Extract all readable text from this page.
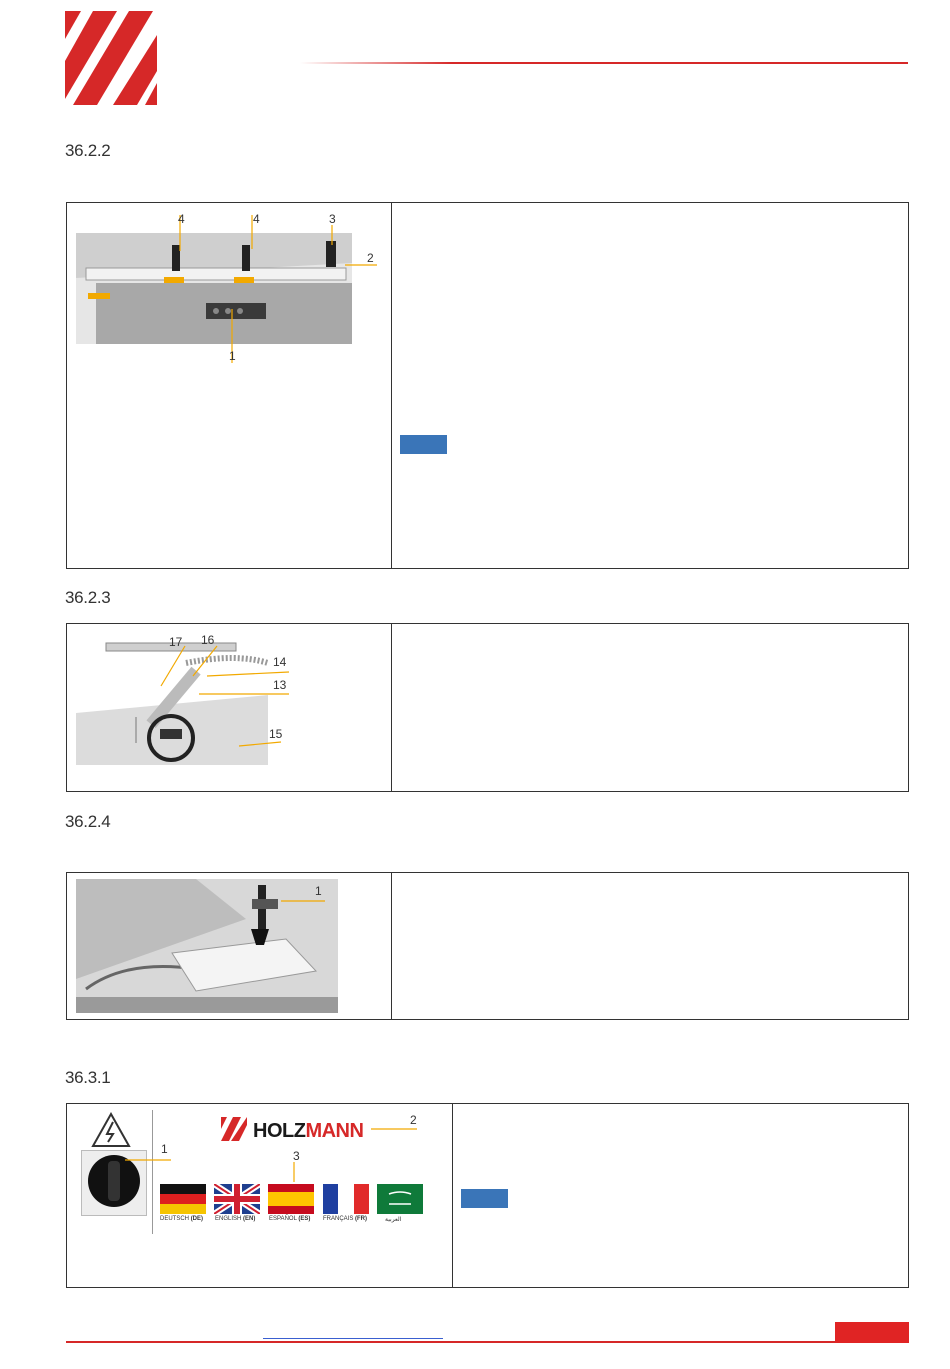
36.2.2
4	4	3
2
1
36.2.3
17 16
14
13
15
36.2.4
1
36.3.1
HOLZMANN
DEUTSCH (DE) ENGLISH (EN) ESPAÑOL (ES) FRANÇAIS (FR)	العربية
1
2
3
